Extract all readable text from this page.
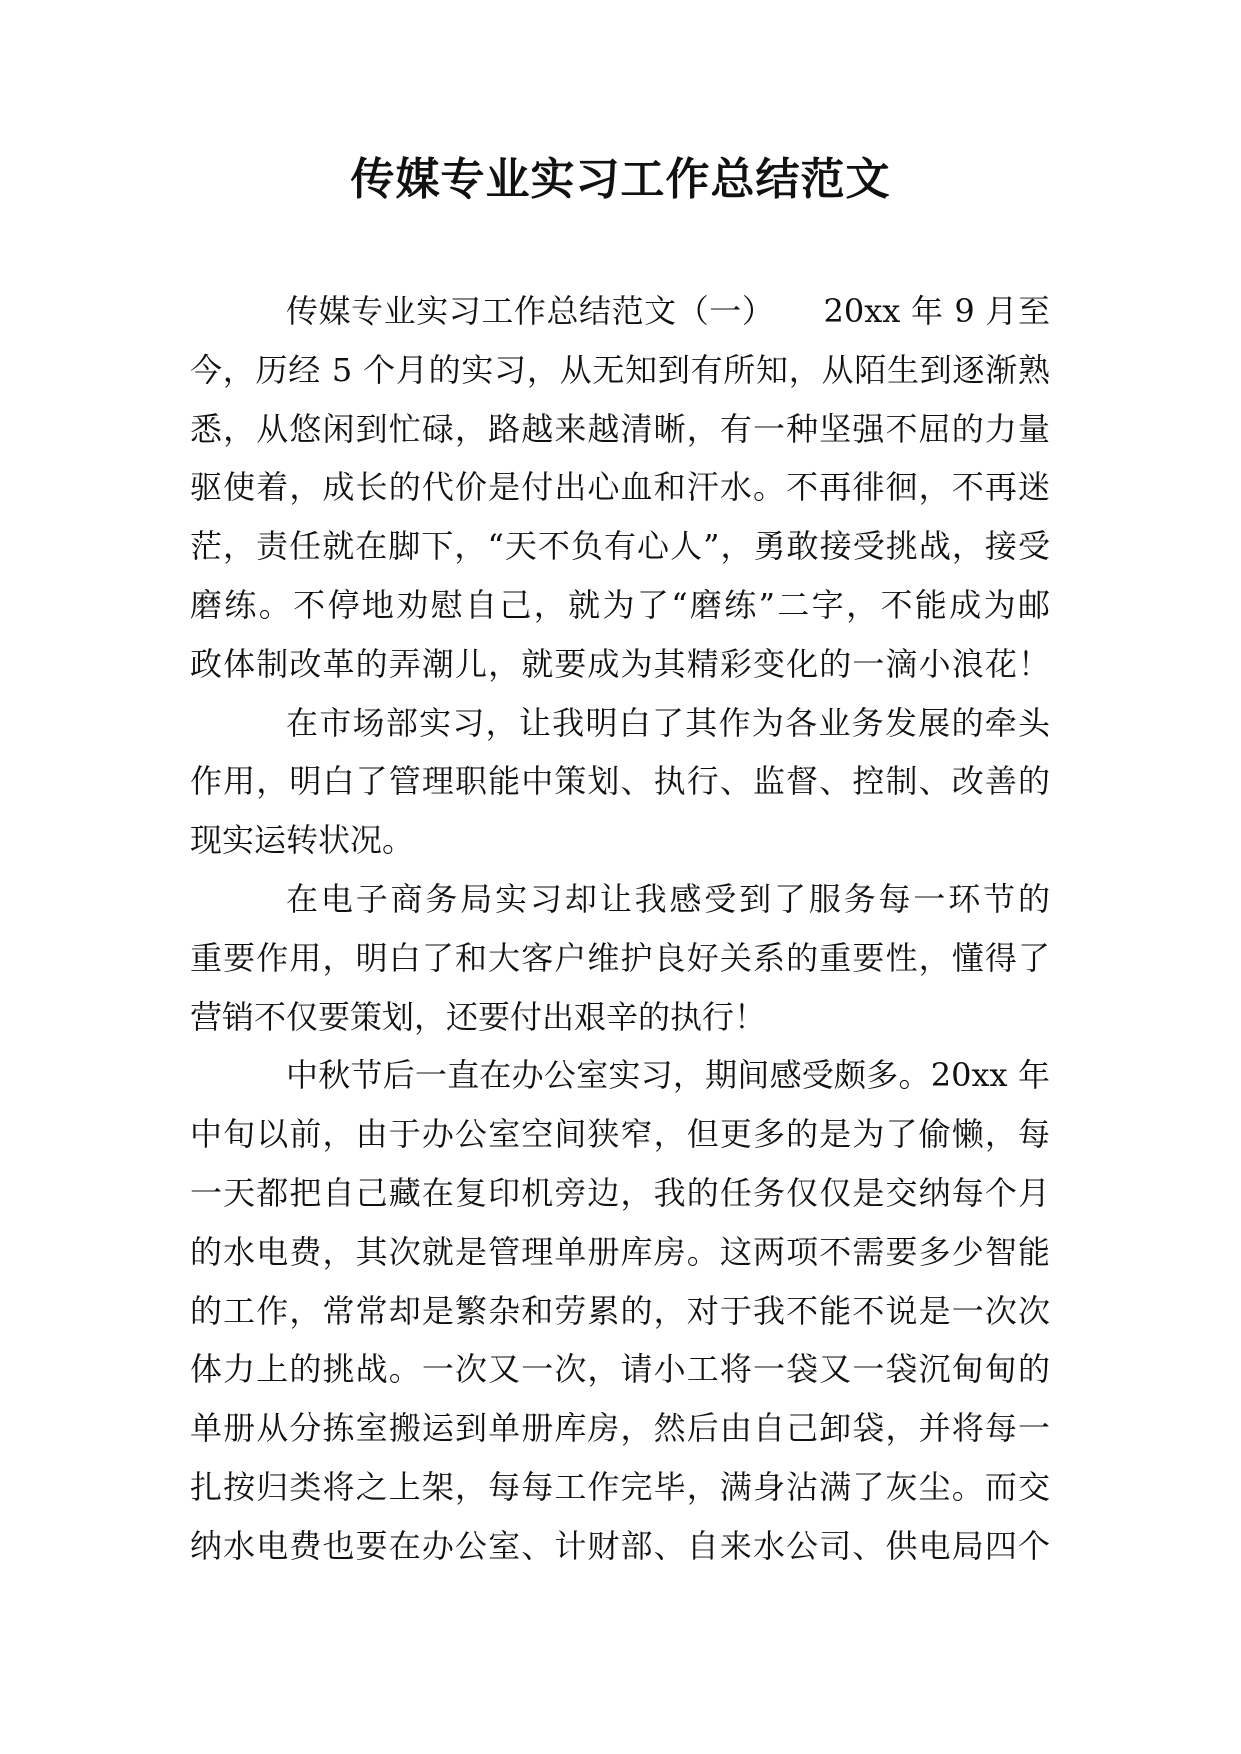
传媒专业实习工作总结范文
传媒专业实习工作总结范文（一）　　20xx 年 9 月至
今，历经 5 个月的实习，从无知到有所知，从陌生到逐渐熟
悉，从悠闲到忙碌，路越来越清晰，有一种坚强不屈的力量
驱使着，成长的代价是付出心血和汗水。不再徘徊，不再迷
茫，责任就在脚下，“天不负有心人”，勇敢接受挑战，接受
磨练。不停地劝慰自己，就为了“磨练”二字，不能成为邮
政体制改革的弄潮儿，就要成为其精彩变化的一滴小浪花！
在市场部实习，让我明白了其作为各业务发展的牵头
作用，明白了管理职能中策划、执行、监督、控制、改善的
现实运转状况。
在电子商务局实习却让我感受到了服务每一环节的
重要作用，明白了和大客户维护良好关系的重要性，懂得了
营销不仅要策划，还要付出艰辛的执行！
中秋节后一直在办公室实习，期间感受颇多。20xx 年
中旬以前，由于办公室空间狭窄，但更多的是为了偷懒，每
一天都把自己藏在复印机旁边，我的任务仅仅是交纳每个月
的水电费，其次就是管理单册库房。这两项不需要多少智能
的工作，常常却是繁杂和劳累的，对于我不能不说是一次次
体力上的挑战。一次又一次，请小工将一袋又一袋沉甸甸的
单册从分拣室搬运到单册库房，然后由自己卸袋，并将每一
扎按归类将之上架，每每工作完毕，满身沾满了灰尘。而交
纳水电费也要在办公室、计财部、自来水公司、供电局四个
